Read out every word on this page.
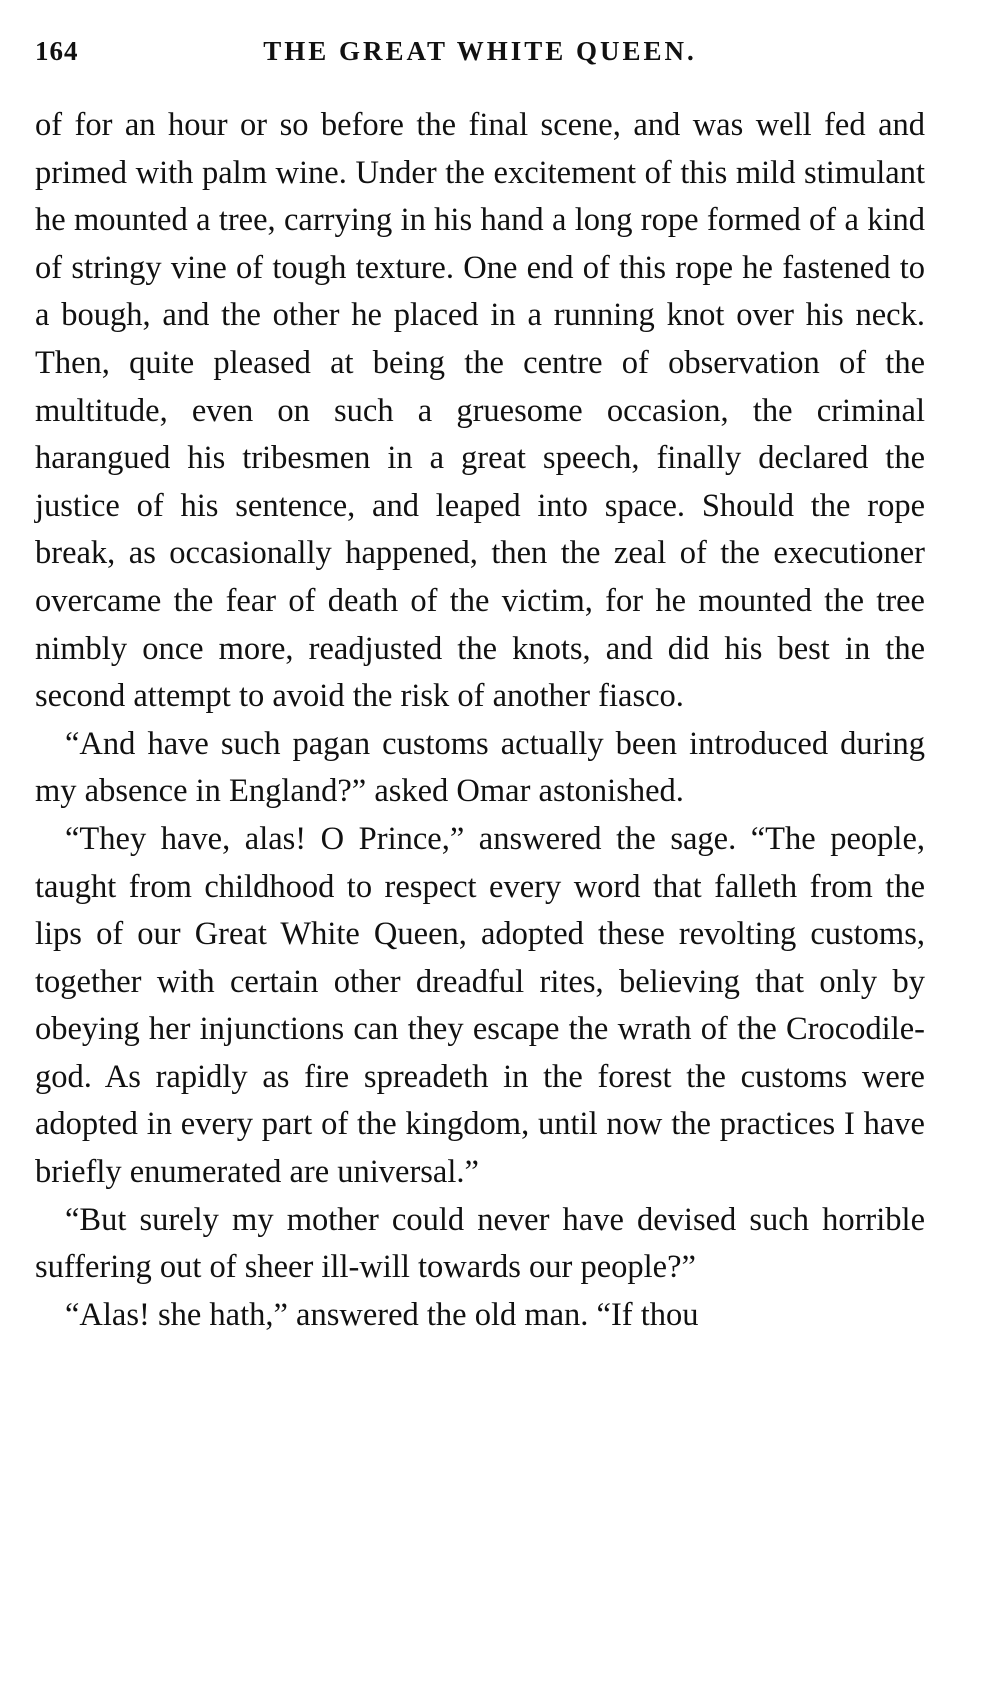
164	THE GREAT WHITE QUEEN.

of for an hour or so before the final scene, and was well fed and primed with palm wine. Under the excitement of this mild stimulant he mounted a tree, carrying in his hand a long rope formed of a kind of stringy vine of tough texture. One end of this rope he fastened to a bough, and the other he placed in a running knot over his neck. Then, quite pleased at being the centre of observation of the multitude, even on such a gruesome occasion, the criminal harangued his tribesmen in a great speech, finally declared the justice of his sentence, and leaped into space. Should the rope break, as occasionally happened, then the zeal of the executioner overcame the fear of death of the victim, for he mounted the tree nimbly once more, readjusted the knots, and did his best in the second attempt to avoid the risk of another fiasco.

“And have such pagan customs actually been introduced during my absence in England?” asked Omar astonished.

“They have, alas! O Prince,” answered the sage. “The people, taught from childhood to respect every word that falleth from the lips of our Great White Queen, adopted these revolting customs, together with certain other dreadful rites, believing that only by obeying her injunctions can they escape the wrath of the Crocodile-god. As rapidly as fire spreadeth in the forest the customs were adopted in every part of the kingdom, until now the practices I have briefly enumerated are universal.”

“But surely my mother could never have devised such horrible suffering out of sheer ill-will towards our people?”

“Alas! she hath,” answered the old man. “If thou
